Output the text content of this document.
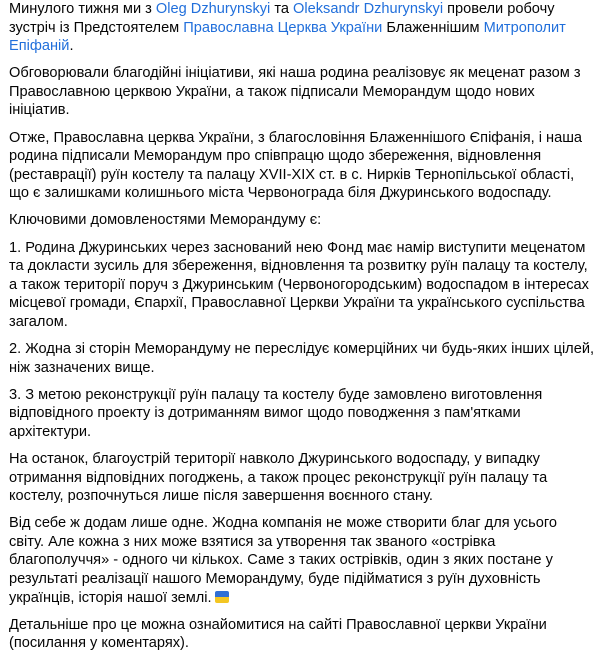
Минулого тижня ми з Oleg Dzhurynskyi та Oleksandr Dzhurynskyi провели робочу зустріч із Предстоятелем Православна Церква України Блаженнішим Митрополит Епіфаній.
Обговорювали благодійні ініціативи, які наша родина реалізовує як меценат разом з Православною церквою України, а також підписали Меморандум щодо нових ініціатив.
Отже, Православна церква України, з благословіння Блаженнішого Єпіфанія, і наша родина підписали Меморандум про співпрацю щодо збереження, відновлення (реставрації) руїн костелу та палацу XVII-XIX ст. в с. Нирків Тернопільської області, що є залишками колишнього міста Червонограда біля Джуринського водоспаду.
Ключовими домовленостями Меморандуму є:
1. Родина Джуринських через заснований нею Фонд має намір виступити меценатом та докласти зусиль для збереження, відновлення та розвитку руїн палацу та костелу, а також території поруч з Джуринським (Червоногородським) водоспадом в інтересах місцевої громади, Єпархії, Православної Церкви України та українського суспільства загалом.
2. Жодна зі сторін Меморандуму не переслідує комерційних чи будь-яких інших цілей, ніж зазначених вище.
3. З метою реконструкції руїн палацу та костелу буде замовлено виготовлення відповідного проекту із дотриманням вимог щодо поводження з пам'ятками архітектури.
На останок, благоустрій території навколо Джуринського водоспаду, у випадку отримання відповідних погоджень, а також процес реконструкції руїн палацу та костелу, розпочнуться лише після завершення воєнного стану.
Від себе ж додам лише одне. Жодна компанія не може створити благ для усього світу. Але кожна з них може взятися за утворення так званого «острівка благополуччя» - одного чи кількох. Саме з таких острівків, один з яких постане у результаті реалізації нашого Меморандуму, буде підійматися з руїн духовність українців, історія нашої землі.
Детальніше про це можна ознайомитися на сайті Православної церкви України (посилання у коментарях).
